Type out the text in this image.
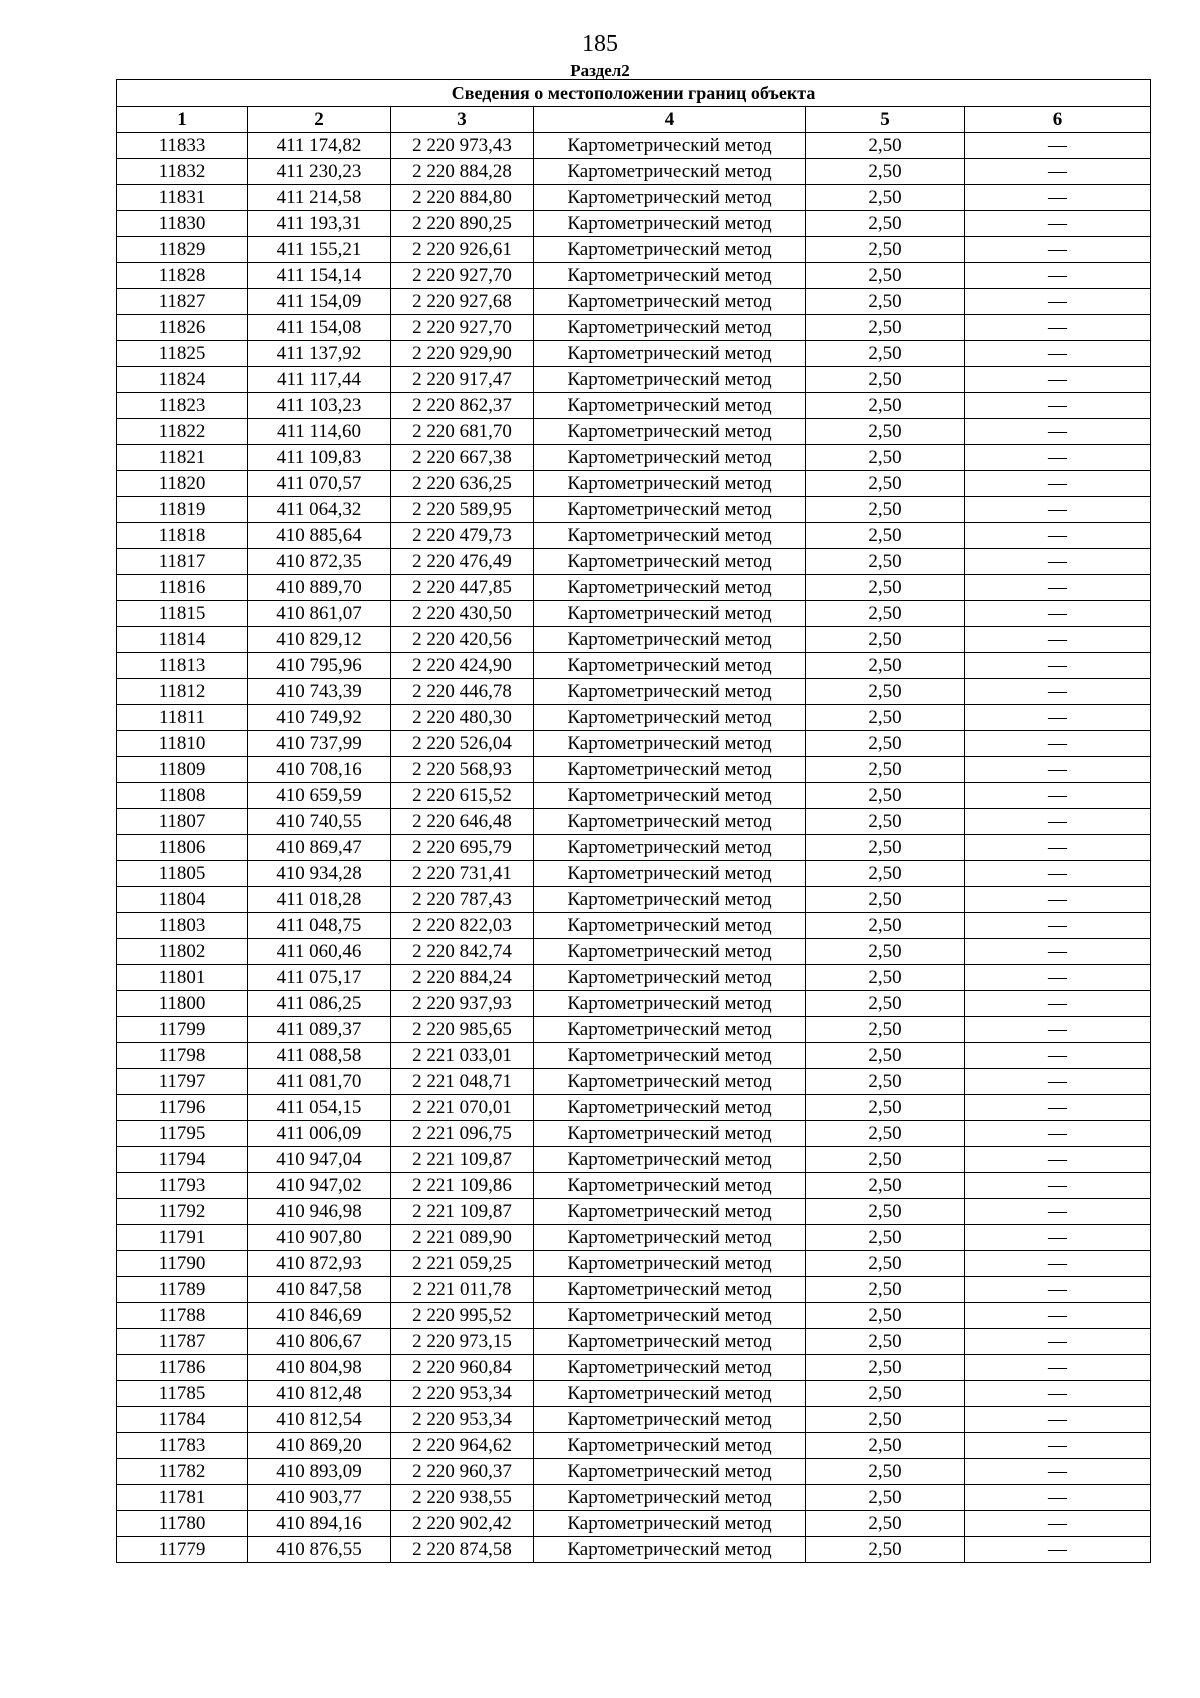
185
Раздел2
Сведения о местоположении границ объекта					
1	2	3	4	5	6
11833	411 174,82	2 220 973,43	Картометрический метод	2,50	—
11832	411 230,23	2 220 884,28	Картометрический метод	2,50	—
11831	411 214,58	2 220 884,80	Картометрический метод	2,50	—
11830	411 193,31	2 220 890,25	Картометрический метод	2,50	—
11829	411 155,21	2 220 926,61	Картометрический метод	2,50	—
11828	411 154,14	2 220 927,70	Картометрический метод	2,50	—
11827	411 154,09	2 220 927,68	Картометрический метод	2,50	—
11826	411 154,08	2 220 927,70	Картометрический метод	2,50	—
11825	411 137,92	2 220 929,90	Картометрический метод	2,50	—
11824	411 117,44	2 220 917,47	Картометрический метод	2,50	—
11823	411 103,23	2 220 862,37	Картометрический метод	2,50	—
11822	411 114,60	2 220 681,70	Картометрический метод	2,50	—
11821	411 109,83	2 220 667,38	Картометрический метод	2,50	—
11820	411 070,57	2 220 636,25	Картометрический метод	2,50	—
11819	411 064,32	2 220 589,95	Картометрический метод	2,50	—
11818	410 885,64	2 220 479,73	Картометрический метод	2,50	—
11817	410 872,35	2 220 476,49	Картометрический метод	2,50	—
11816	410 889,70	2 220 447,85	Картометрический метод	2,50	—
11815	410 861,07	2 220 430,50	Картометрический метод	2,50	—
11814	410 829,12	2 220 420,56	Картометрический метод	2,50	—
11813	410 795,96	2 220 424,90	Картометрический метод	2,50	—
11812	410 743,39	2 220 446,78	Картометрический метод	2,50	—
11811	410 749,92	2 220 480,30	Картометрический метод	2,50	—
11810	410 737,99	2 220 526,04	Картометрический метод	2,50	—
11809	410 708,16	2 220 568,93	Картометрический метод	2,50	—
11808	410 659,59	2 220 615,52	Картометрический метод	2,50	—
11807	410 740,55	2 220 646,48	Картометрический метод	2,50	—
11806	410 869,47	2 220 695,79	Картометрический метод	2,50	—
11805	410 934,28	2 220 731,41	Картометрический метод	2,50	—
11804	411 018,28	2 220 787,43	Картометрический метод	2,50	—
11803	411 048,75	2 220 822,03	Картометрический метод	2,50	—
11802	411 060,46	2 220 842,74	Картометрический метод	2,50	—
11801	411 075,17	2 220 884,24	Картометрический метод	2,50	—
11800	411 086,25	2 220 937,93	Картометрический метод	2,50	—
11799	411 089,37	2 220 985,65	Картометрический метод	2,50	—
11798	411 088,58	2 221 033,01	Картометрический метод	2,50	—
11797	411 081,70	2 221 048,71	Картометрический метод	2,50	—
11796	411 054,15	2 221 070,01	Картометрический метод	2,50	—
11795	411 006,09	2 221 096,75	Картометрический метод	2,50	—
11794	410 947,04	2 221 109,87	Картометрический метод	2,50	—
11793	410 947,02	2 221 109,86	Картометрический метод	2,50	—
11792	410 946,98	2 221 109,87	Картометрический метод	2,50	—
11791	410 907,80	2 221 089,90	Картометрический метод	2,50	—
11790	410 872,93	2 221 059,25	Картометрический метод	2,50	—
11789	410 847,58	2 221 011,78	Картометрический метод	2,50	—
11788	410 846,69	2 220 995,52	Картометрический метод	2,50	—
11787	410 806,67	2 220 973,15	Картометрический метод	2,50	—
11786	410 804,98	2 220 960,84	Картометрический метод	2,50	—
11785	410 812,48	2 220 953,34	Картометрический метод	2,50	—
11784	410 812,54	2 220 953,34	Картометрический метод	2,50	—
11783	410 869,20	2 220 964,62	Картометрический метод	2,50	—
11782	410 893,09	2 220 960,37	Картометрический метод	2,50	—
11781	410 903,77	2 220 938,55	Картометрический метод	2,50	—
11780	410 894,16	2 220 902,42	Картометрический метод	2,50	—
11779	410 876,55	2 220 874,58	Картометрический метод	2,50	—
